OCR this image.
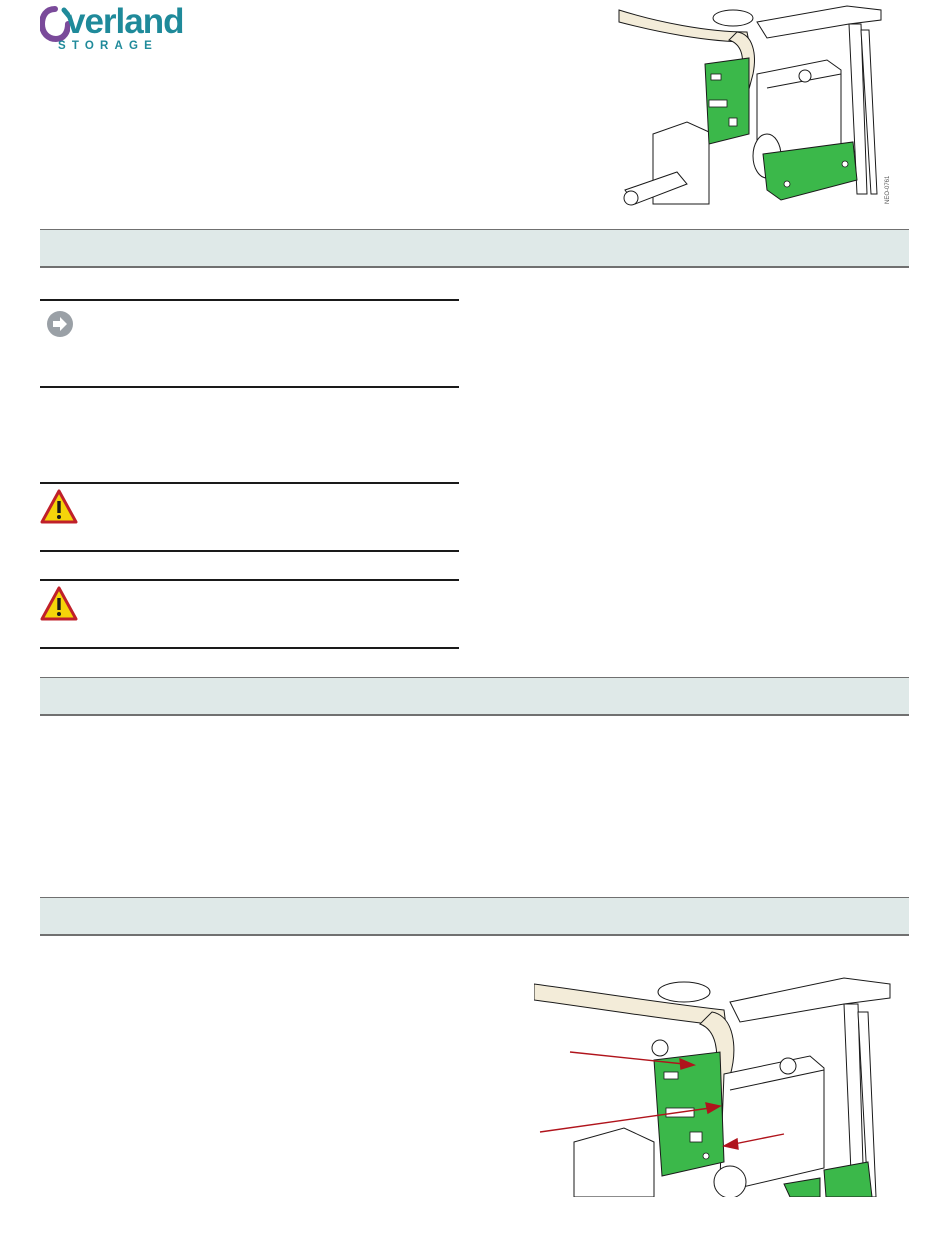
verland
STORAGE
NEO-0761
